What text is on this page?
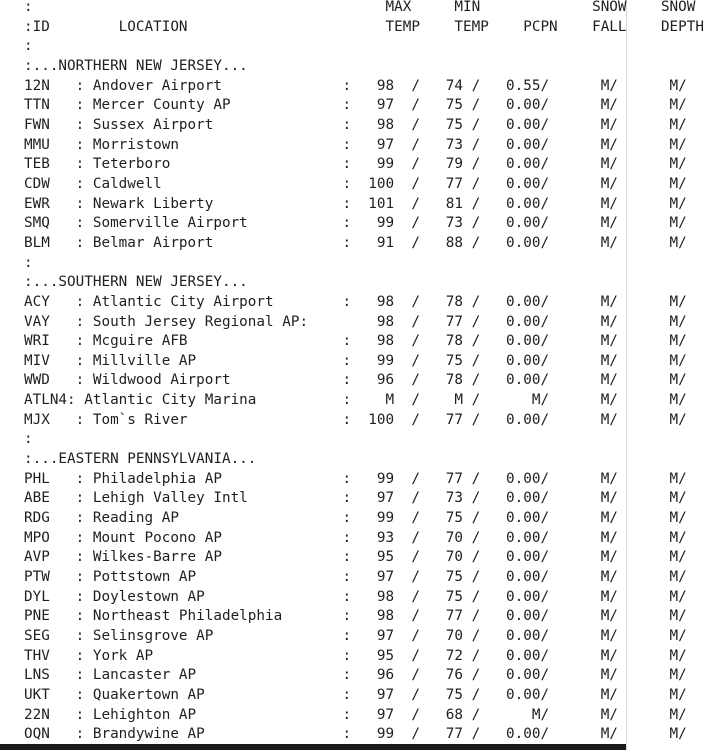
:                                         MAX     MIN             SNOW    SNOW
:ID        LOCATION                       TEMP    TEMP    PCPN    FALL    DEPTH
:
:...NORTHERN NEW JERSEY...
12N   : Andover Airport              :   98  /   74 /   0.55/      M/      M/
TTN   : Mercer County AP             :   97  /   75 /   0.00/      M/      M/
FWN   : Sussex Airport               :   98  /   75 /   0.00/      M/      M/
MMU   : Morristown                   :   97  /   73 /   0.00/      M/      M/
TEB   : Teterboro                    :   99  /   79 /   0.00/      M/      M/
CDW   : Caldwell                     :  100  /   77 /   0.00/      M/      M/
EWR   : Newark Liberty               :  101  /   81 /   0.00/      M/      M/
SMQ   : Somerville Airport           :   99  /   73 /   0.00/      M/      M/
BLM   : Belmar Airport               :   91  /   88 /   0.00/      M/      M/
:
:...SOUTHERN NEW JERSEY...
ACY   : Atlantic City Airport        :   98  /   78 /   0.00/      M/      M/
VAY   : South Jersey Regional AP:        98  /   77 /   0.00/      M/      M/
WRI   : Mcguire AFB                  :   98  /   78 /   0.00/      M/      M/
MIV   : Millville AP                 :   99  /   75 /   0.00/      M/      M/
WWD   : Wildwood Airport             :   96  /   78 /   0.00/      M/      M/
ATLN4: Atlantic City Marina          :    M  /    M /      M/      M/      M/
MJX   : Tom`s River                  :  100  /   77 /   0.00/      M/      M/
:
:...EASTERN PENNSYLVANIA...
PHL   : Philadelphia AP              :   99  /   77 /   0.00/      M/      M/
ABE   : Lehigh Valley Intl           :   97  /   73 /   0.00/      M/      M/
RDG   : Reading AP                   :   99  /   75 /   0.00/      M/      M/
MPO   : Mount Pocono AP              :   93  /   70 /   0.00/      M/      M/
AVP   : Wilkes-Barre AP              :   95  /   70 /   0.00/      M/      M/
PTW   : Pottstown AP                 :   97  /   75 /   0.00/      M/      M/
DYL   : Doylestown AP                :   98  /   75 /   0.00/      M/      M/
PNE   : Northeast Philadelphia       :   98  /   77 /   0.00/      M/      M/
SEG   : Selinsgrove AP               :   97  /   70 /   0.00/      M/      M/
THV   : York AP                      :   95  /   72 /   0.00/      M/      M/
LNS   : Lancaster AP                 :   96  /   76 /   0.00/      M/      M/
UKT   : Quakertown AP                :   97  /   75 /   0.00/      M/      M/
22N   : Lehighton AP                 :   97  /   68 /      M/      M/      M/
OQN   : Brandywine AP                :   99  /   77 /   0.00/      M/      M/
